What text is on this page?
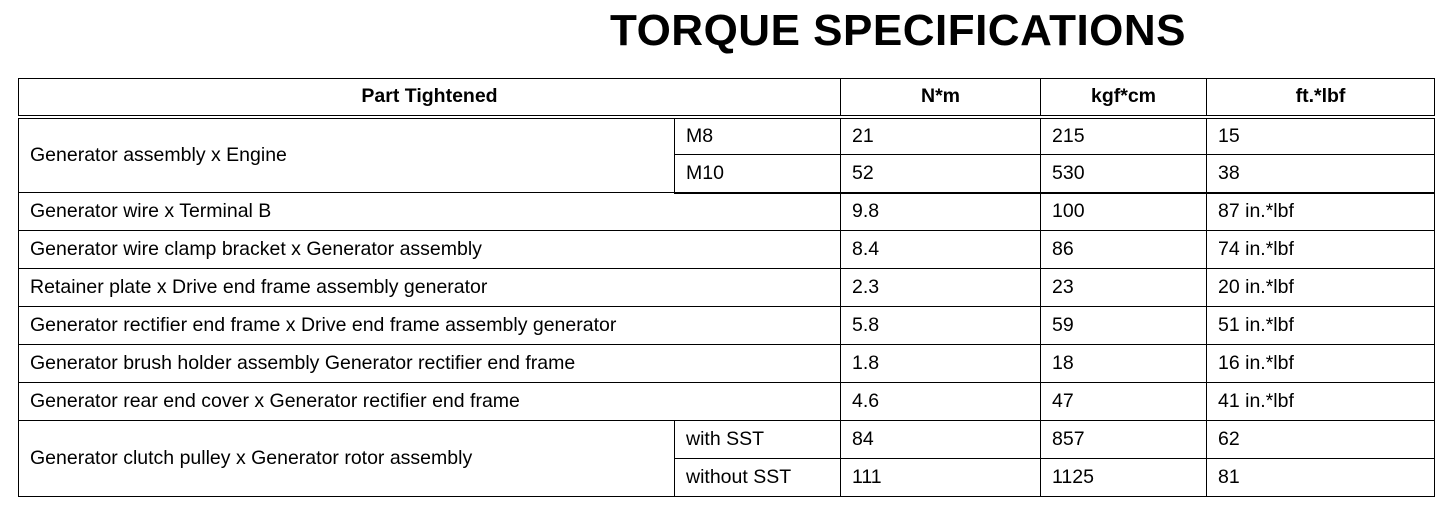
TORQUE SPECIFICATIONS
Part Tightened		N*m	kgf*cm	ft.*lbf
Generator assembly x Engine	M8	21	215	15
	M10	52	530	38
Generator wire x Terminal B		9.8	100	87 in.*lbf
Generator wire clamp bracket x Generator assembly		8.4	86	74 in.*lbf
Retainer plate x Drive end frame assembly generator		2.3	23	20 in.*lbf
Generator rectifier end frame x Drive end frame assembly generator		5.8	59	51 in.*lbf
Generator brush holder assembly Generator rectifier end frame		1.8	18	16 in.*lbf
Generator rear end cover x Generator rectifier end frame		4.6	47	41 in.*lbf
Generator clutch pulley x Generator rotor assembly	with SST	84	857	62
	without SST	111	1125	81
